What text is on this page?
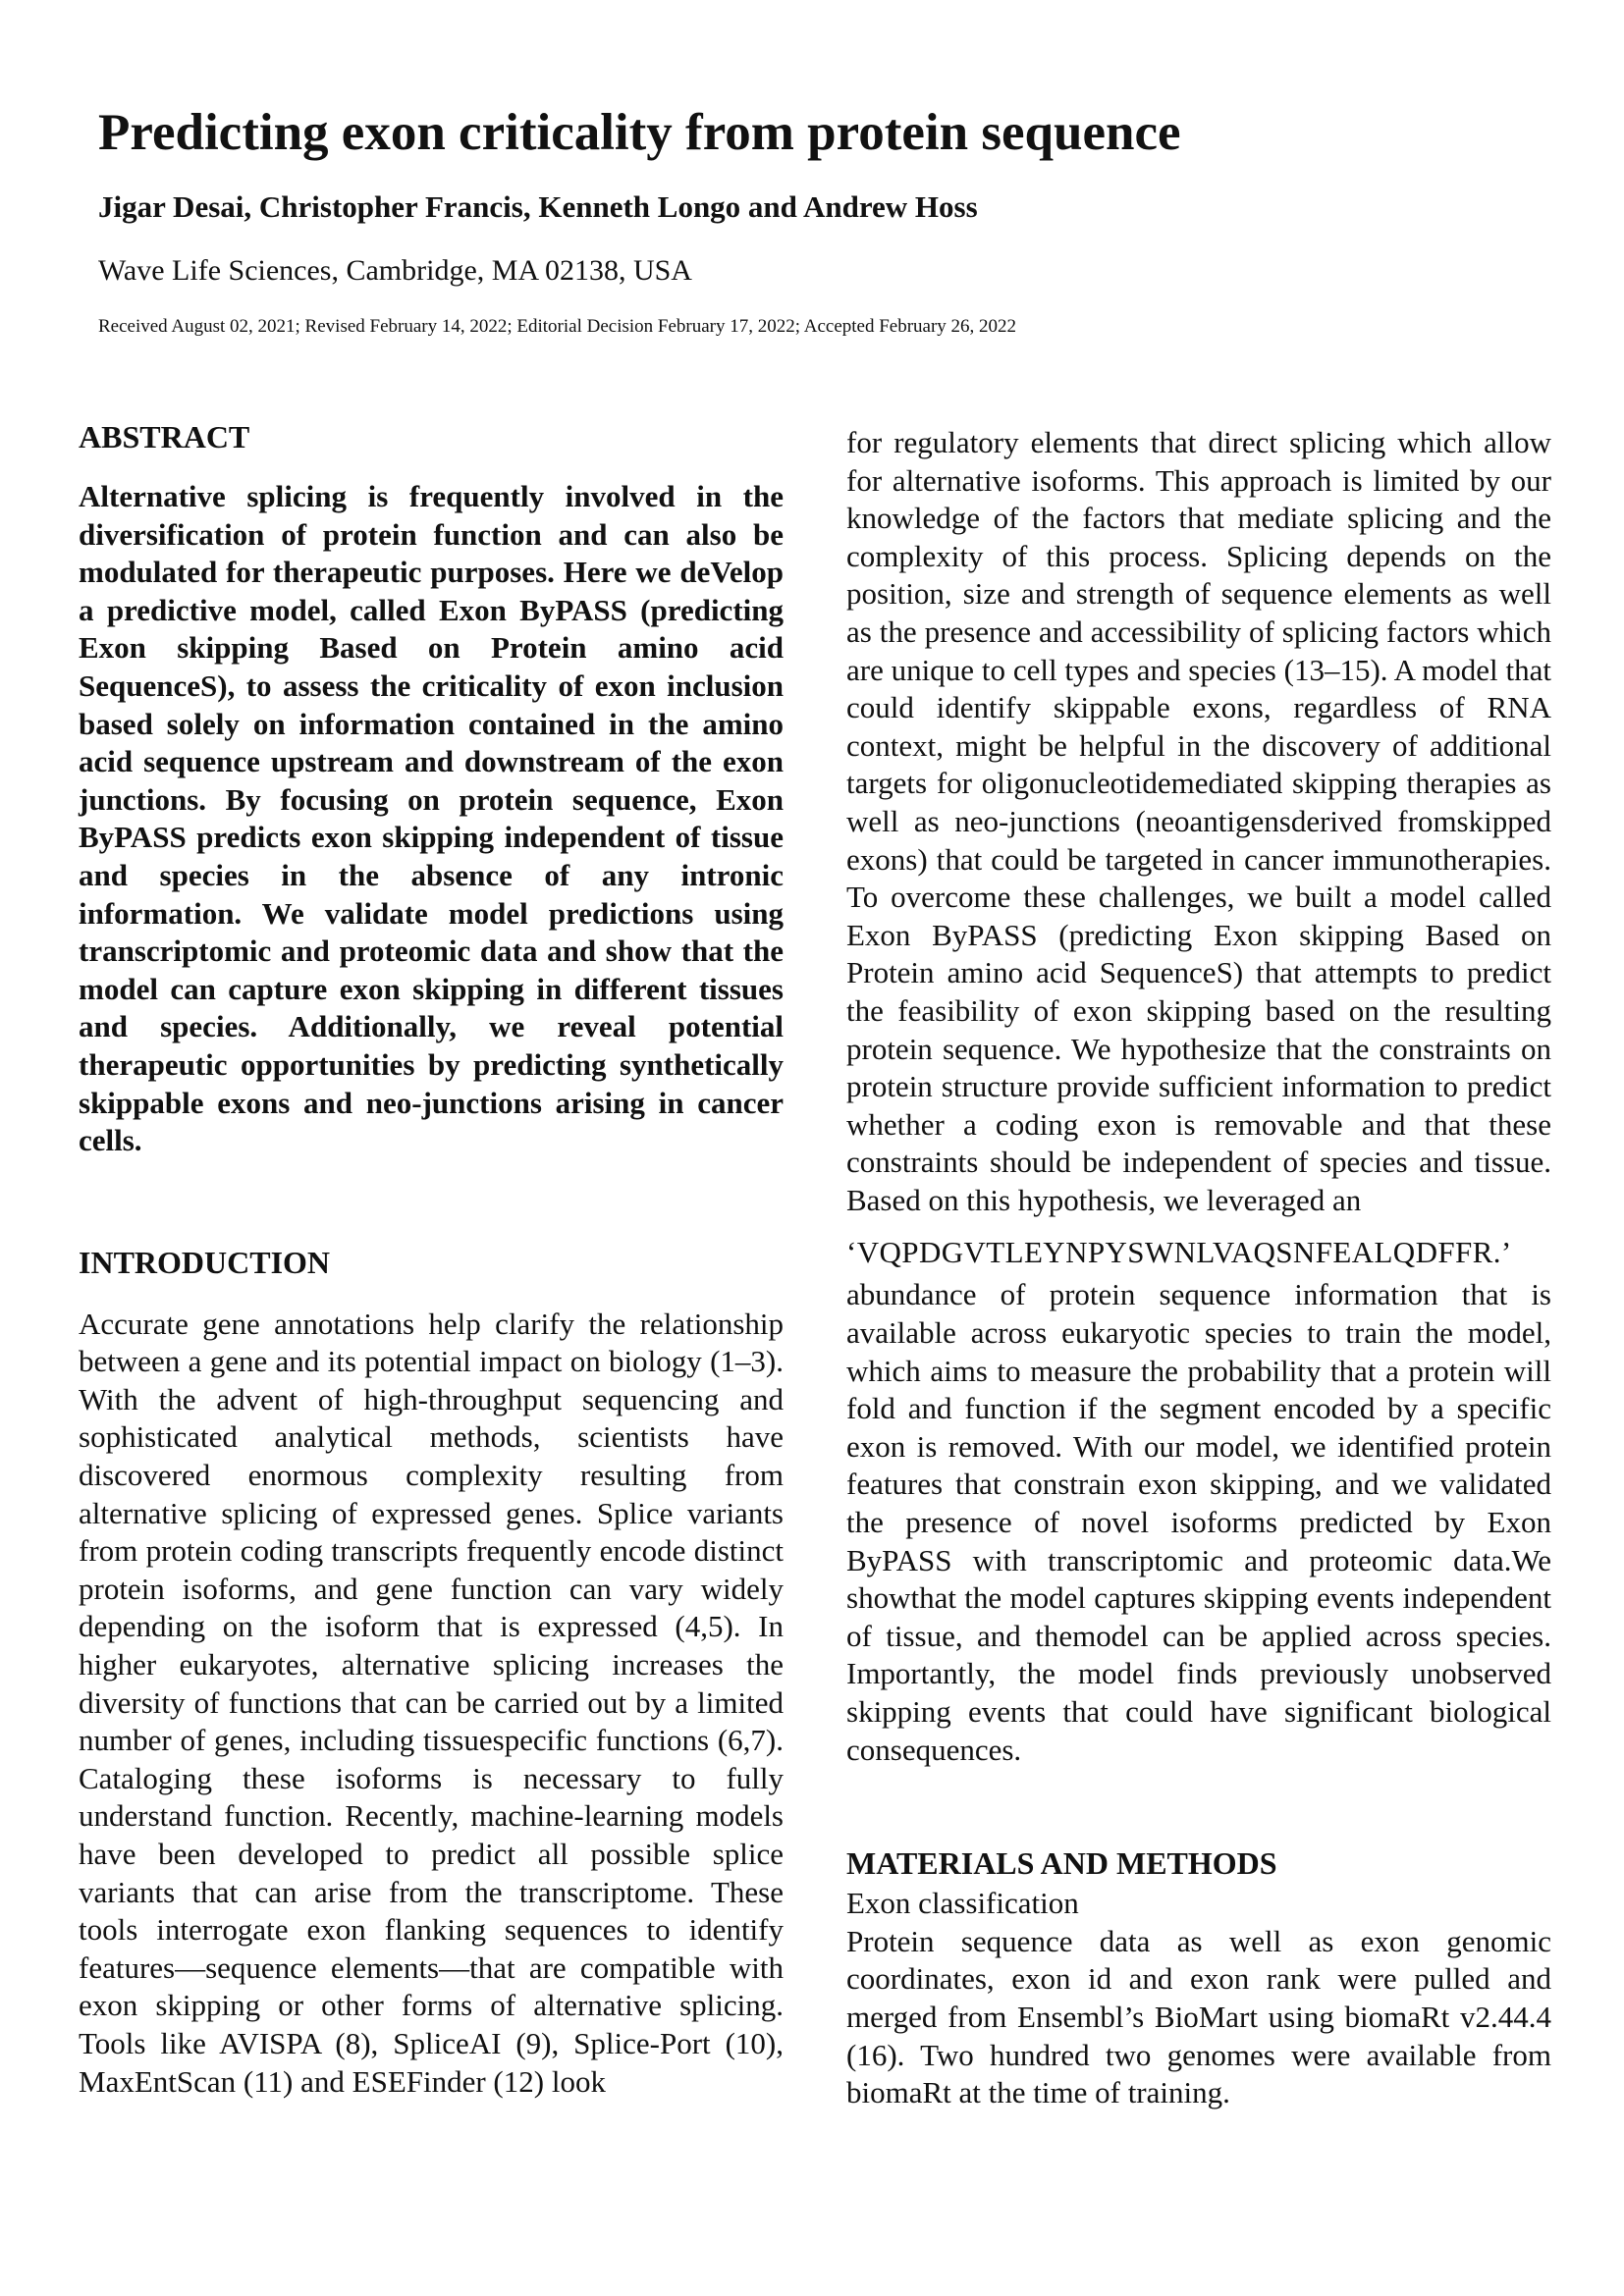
Predicting exon criticality from protein sequence

Jigar Desai, Christopher Francis, Kenneth Longo and Andrew Hoss

Wave Life Sciences, Cambridge, MA 02138, USA

Received August 02, 2021; Revised February 14, 2022; Editorial Decision February 17, 2022; Accepted February 26, 2022

ABSTRACT

Alternative splicing is frequently involved in the diversification of protein function and can also be modulated for therapeutic purposes. Here we deVelop a predictive model, called Exon ByPASS (predicting Exon skipping Based on Protein amino acid SequenceS), to assess the criticality of exon inclusion based solely on information contained in the amino acid sequence upstream and downstream of the exon junctions. By focusing on protein sequence, Exon ByPASS predicts exon skipping independent of tissue and species in the absence of any intronic information. We validate model predictions using transcriptomic and proteomic data and show that the model can capture exon skipping in different tissues and species. Additionally, we reveal potential therapeutic opportunities by predicting synthetically skippable exons and neo-junctions arising in cancer cells.

INTRODUCTION

Accurate gene annotations help clarify the relationship between a gene and its potential impact on biology (1–3). With the advent of high-throughput sequencing and sophisticated analytical methods, scientists have discovered enormous complexity resulting from alternative splicing of expressed genes. Splice variants from protein coding transcripts frequently encode distinct protein isoforms, and gene function can vary widely depending on the isoform that is expressed (4,5). In higher eukaryotes, alternative splicing increases the diversity of functions that can be carried out by a limited number of genes, including tissuespecific functions (6,7). Cataloging these isoforms is necessary to fully understand function. Recently, machine-learning models have been developed to predict all possible splice variants that can arise from the transcriptome. These tools interrogate exon flanking sequences to identify features—sequence elements—that are compatible with exon skipping or other forms of alternative splicing. Tools like AVISPA (8), SpliceAI (9), Splice-Port (10), MaxEntScan (11) and ESEFinder (12) look

for regulatory elements that direct splicing which allow for alternative isoforms. This approach is limited by our knowledge of the factors that mediate splicing and the complexity of this process. Splicing depends on the position, size and strength of sequence elements as well as the presence and accessibility of splicing factors which are unique to cell types and species (13–15). A model that could identify skippable exons, regardless of RNA context, might be helpful in the discovery of additional targets for oligonucleotidemediated skipping therapies as well as neo-junctions (neoantigensderived fromskipped exons) that could be targeted in cancer immunotherapies. To overcome these challenges, we built a model called Exon ByPASS (predicting Exon skipping Based on Protein amino acid SequenceS) that attempts to predict the feasibility of exon skipping based on the resulting protein sequence. We hypothesize that the constraints on protein structure provide sufficient information to predict whether a coding exon is removable and that these constraints should be independent of species and tissue. Based on this hypothesis, we leveraged an

‘VQPDGVTLEYNPYSWNLVAQSNFEALQDFFR.’

abundance of protein sequence information that is available across eukaryotic species to train the model, which aims to measure the probability that a protein will fold and function if the segment encoded by a specific exon is removed. With our model, we identified protein features that constrain exon skipping, and we validated the presence of novel isoforms predicted by Exon ByPASS with transcriptomic and proteomic data.We showthat the model captures skipping events independent of tissue, and themodel can be applied across species. Importantly, the model finds previously unobserved skipping events that could have significant biological consequences.

MATERIALS AND METHODS

Exon classification

Protein sequence data as well as exon genomic coordinates, exon id and exon rank were pulled and merged from Ensembl’s BioMart using biomaRt v2.44.4 (16). Two hundred two genomes were available from biomaRt at the time of training.
